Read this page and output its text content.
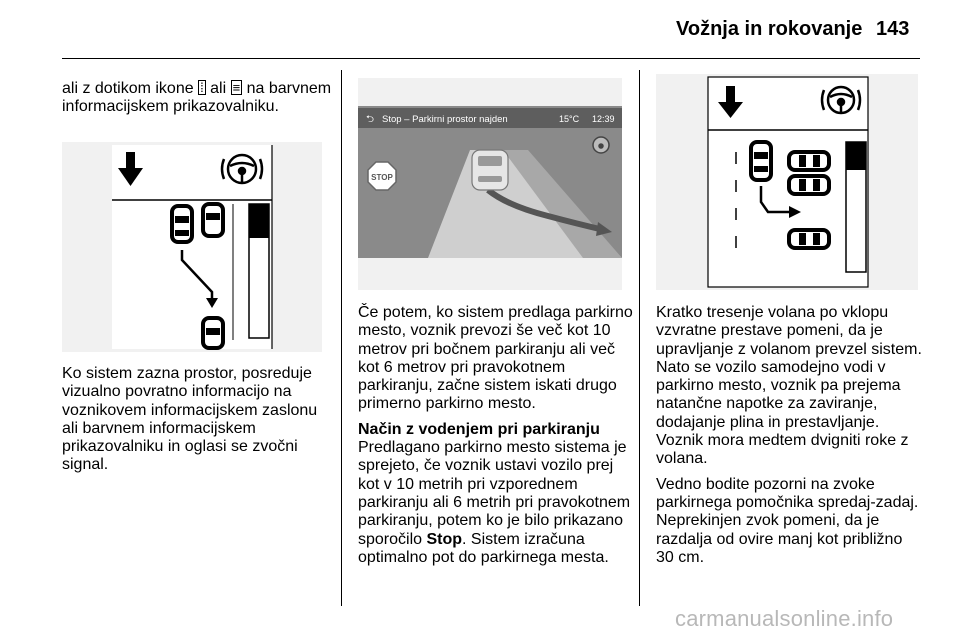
Vožnja in rokovanje 143

ali z dotikom ikone ⁞ ali ≡ na barvnem informacijskem prikazovalniku.

Ko sistem zazna prostor, posreduje vizualno povratno informacijo na voznikovem informacijskem zaslonu ali barvnem informacijskem prikazovalniku in oglasi se zvočni signal.

⮌ Stop – Parkirni prostor najden	15°C 12:39
STOP

Če potem, ko sistem predlaga parkirno mesto, voznik prevozi še več kot 10 metrov pri bočnem parkiranju ali več kot 6 metrov pri pravokotnem parkiranju, začne sistem iskati drugo primerno parkirno mesto.

Način z vodenjem pri parkiranju

Predlagano parkirno mesto sistema je sprejeto, če voznik ustavi vozilo prej kot v 10 metrih pri vzporednem parkiranju ali 6 metrih pri pravokotnem parkiranju, potem ko je bilo prikazano sporočilo Stop. Sistem izračuna optimalno pot do parkirnega mesta.

Kratko tresenje volana po vklopu vzvratne prestave pomeni, da je upravljanje z volanom prevzel sistem. Nato se vozilo samodejno vodi v parkirno mesto, voznik pa prejema natančne napotke za zaviranje, dodajanje plina in prestavljanje. Voznik mora medtem dvigniti roke z volana.

Vedno bodite pozorni na zvoke parkirnega pomočnika spredaj-zadaj. Neprekinjen zvok pomeni, da je razdalja od ovire manj kot približno 30 cm.

carmanualsonline.info
